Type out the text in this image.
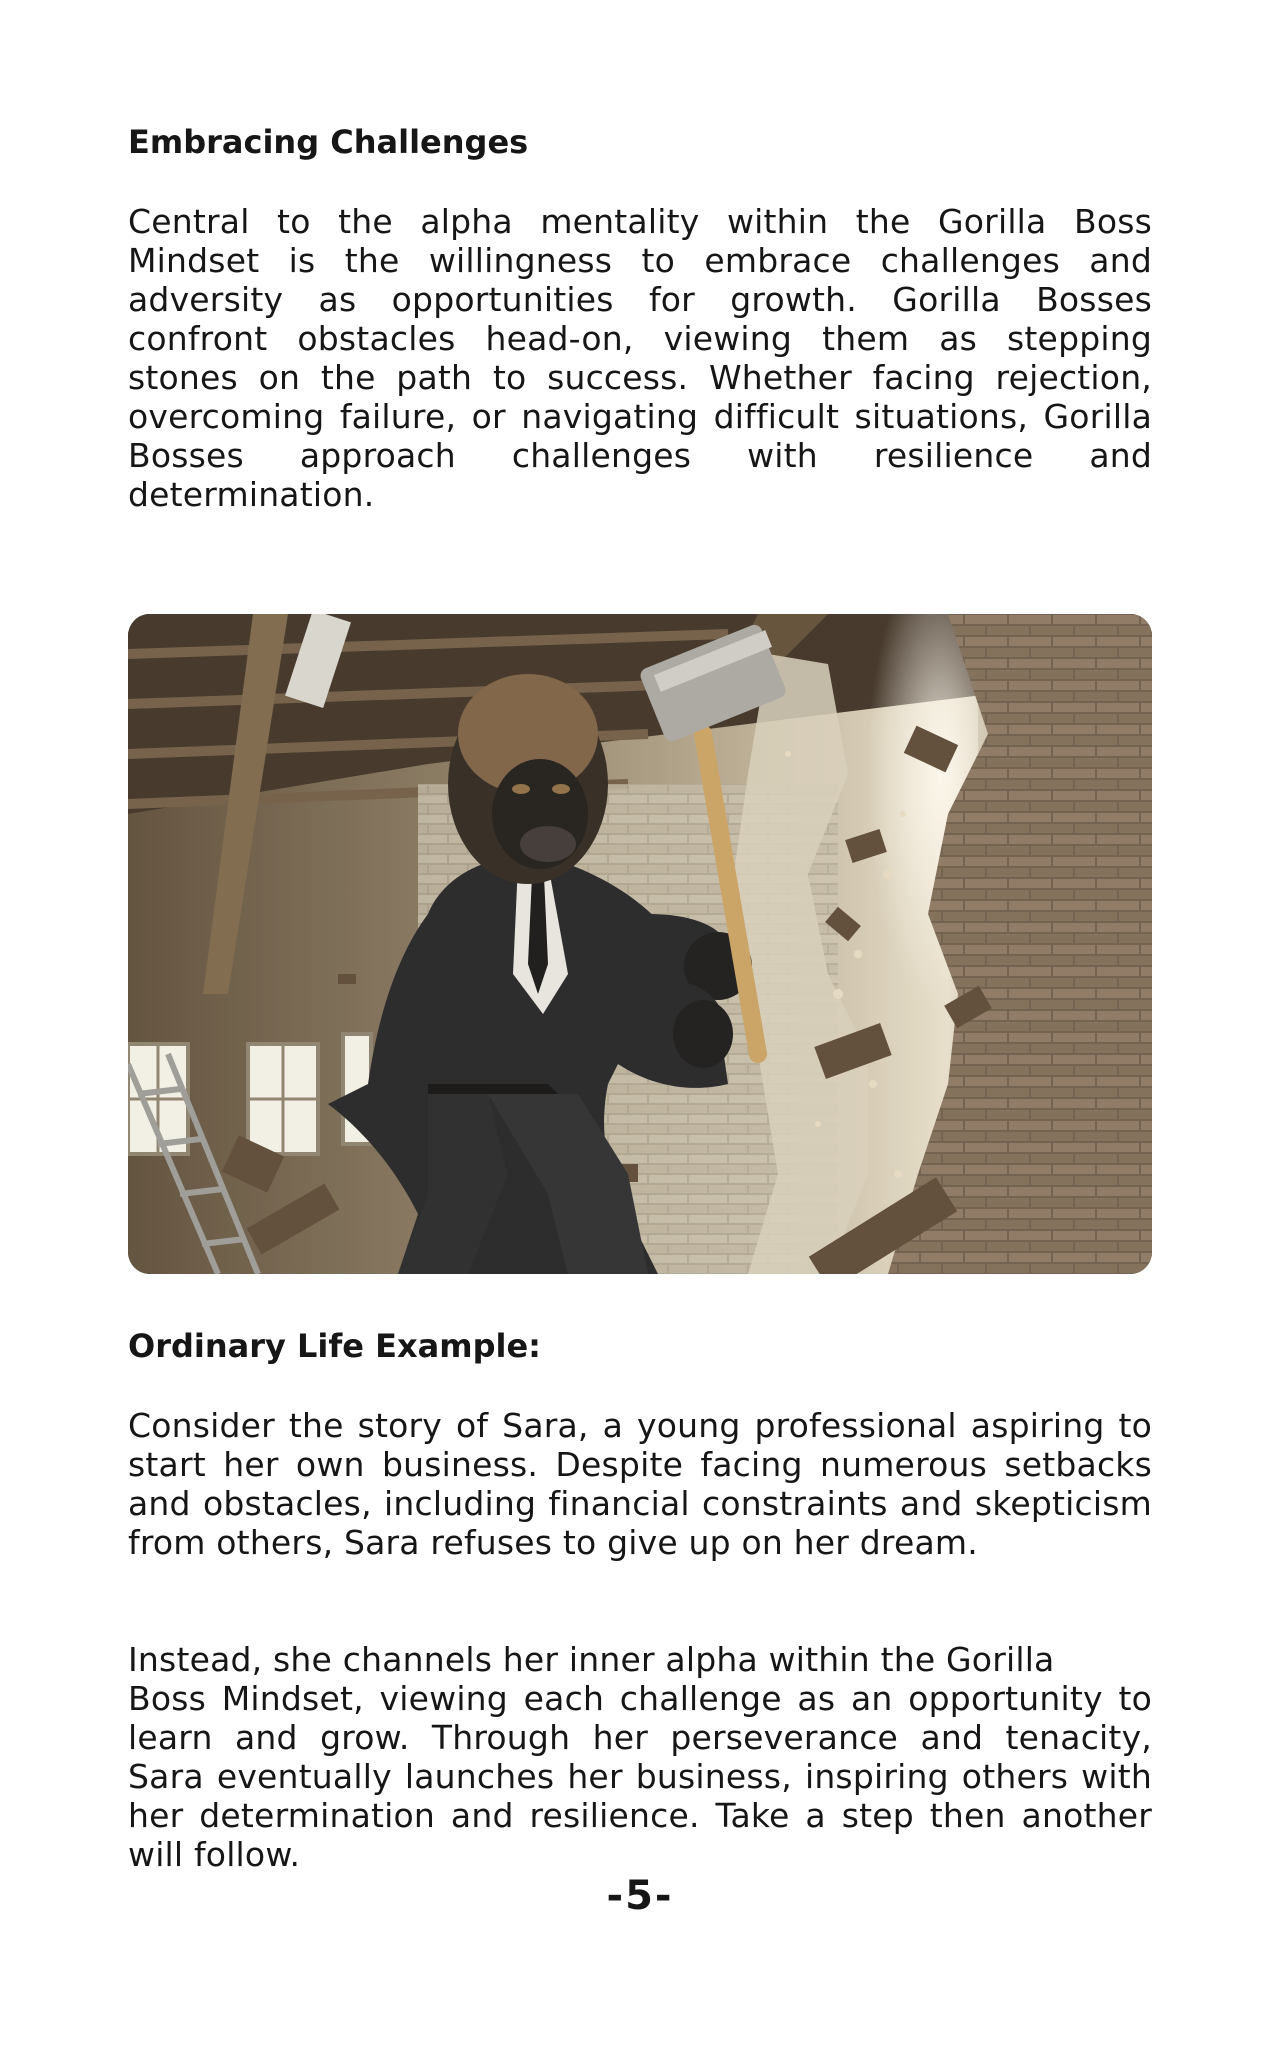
Embracing Challenges

Central to the alpha mentality within the Gorilla Boss Mindset is the willingness to embrace challenges and adversity as opportunities for growth. Gorilla Bosses confront obstacles head-on, viewing them as stepping stones on the path to success. Whether facing rejection, overcoming failure, or navigating difficult situations, Gorilla Bosses approach challenges with resilience and determination.

Ordinary Life Example:

Consider the story of Sara, a young professional aspiring to start her own business. Despite facing numerous setbacks and obstacles, including financial constraints and skepticism from others, Sara refuses to give up on her dream.

Instead, she channels her inner alpha within the Gorilla
Boss Mindset, viewing each challenge as an opportunity to learn and grow. Through her perseverance and tenacity, Sara eventually launches her business, inspiring others with her determination and resilience. Take a step then another will follow.
-5-
